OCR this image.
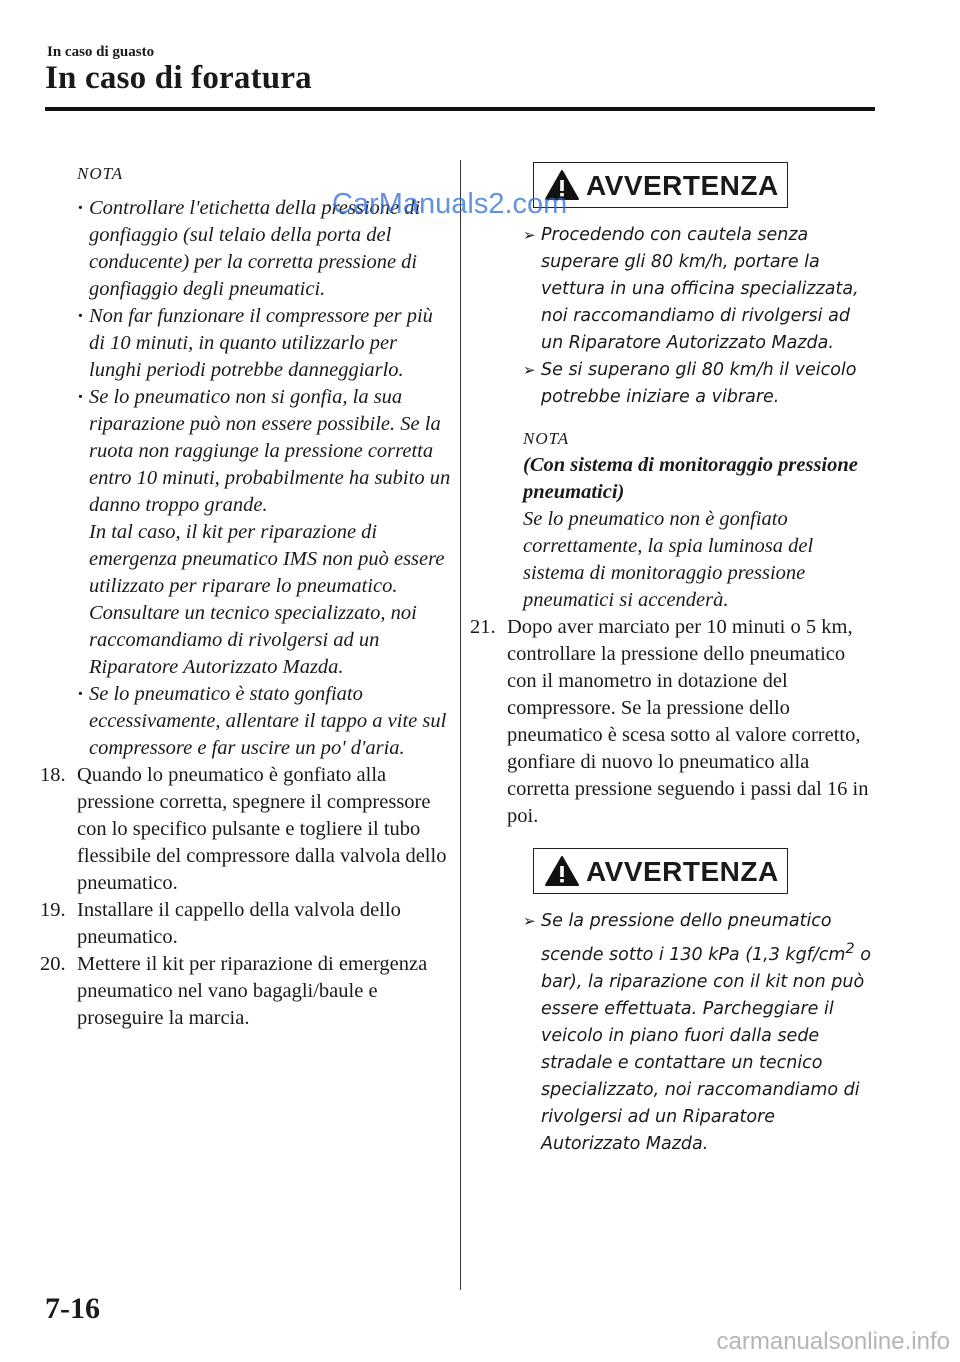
In caso di guasto
In caso di foratura
NOTA
· Controllare l'etichetta della pressione di gonfiaggio (sul telaio della porta del conducente) per la corretta pressione di gonfiaggio degli pneumatici.
· Non far funzionare il compressore per più di 10 minuti, in quanto utilizzarlo per lunghi periodi potrebbe danneggiarlo.
· Se lo pneumatico non si gonfia, la sua riparazione può non essere possibile. Se la ruota non raggiunge la pressione corretta entro 10 minuti, probabilmente ha subito un danno troppo grande.
In tal caso, il kit per riparazione di emergenza pneumatico IMS non può essere utilizzato per riparare lo pneumatico. Consultare un tecnico specializzato, noi raccomandiamo di rivolgersi ad un Riparatore Autorizzato Mazda.
· Se lo pneumatico è stato gonfiato eccessivamente, allentare il tappo a vite sul compressore e far uscire un po' d'aria.
18. Quando lo pneumatico è gonfiato alla pressione corretta, spegnere il compressore con lo specifico pulsante e togliere il tubo flessibile del compressore dalla valvola dello pneumatico.
19. Installare il cappello della valvola dello pneumatico.
20. Mettere il kit per riparazione di emergenza pneumatico nel vano bagagli/baule e proseguire la marcia.
AVVERTENZA
➢ Procedendo con cautela senza superare gli 80 km/h, portare la vettura in una officina specializzata, noi raccomandiamo di rivolgersi ad un Riparatore Autorizzato Mazda.
➢ Se si superano gli 80 km/h il veicolo potrebbe iniziare a vibrare.
NOTA
(Con sistema di monitoraggio pressione pneumatici)
Se lo pneumatico non è gonfiato correttamente, la spia luminosa del sistema di monitoraggio pressione pneumatici si accenderà.
21. Dopo aver marciato per 10 minuti o 5 km, controllare la pressione dello pneumatico con il manometro in dotazione del compressore. Se la pressione dello pneumatico è scesa sotto al valore corretto, gonfiare di nuovo lo pneumatico alla corretta pressione seguendo i passi dal 16 in poi.
AVVERTENZA
➢ Se la pressione dello pneumatico scende sotto i 130 kPa (1,3 kgf/$cm^2$ o bar), la riparazione con il kit non può essere effettuata. Parcheggiare il veicolo in piano fuori dalla sede stradale e contattare un tecnico specializzato, noi raccomandiamo di rivolgersi ad un Riparatore Autorizzato Mazda.
CarManuals2.com
7-16
carmanualsonline.info
